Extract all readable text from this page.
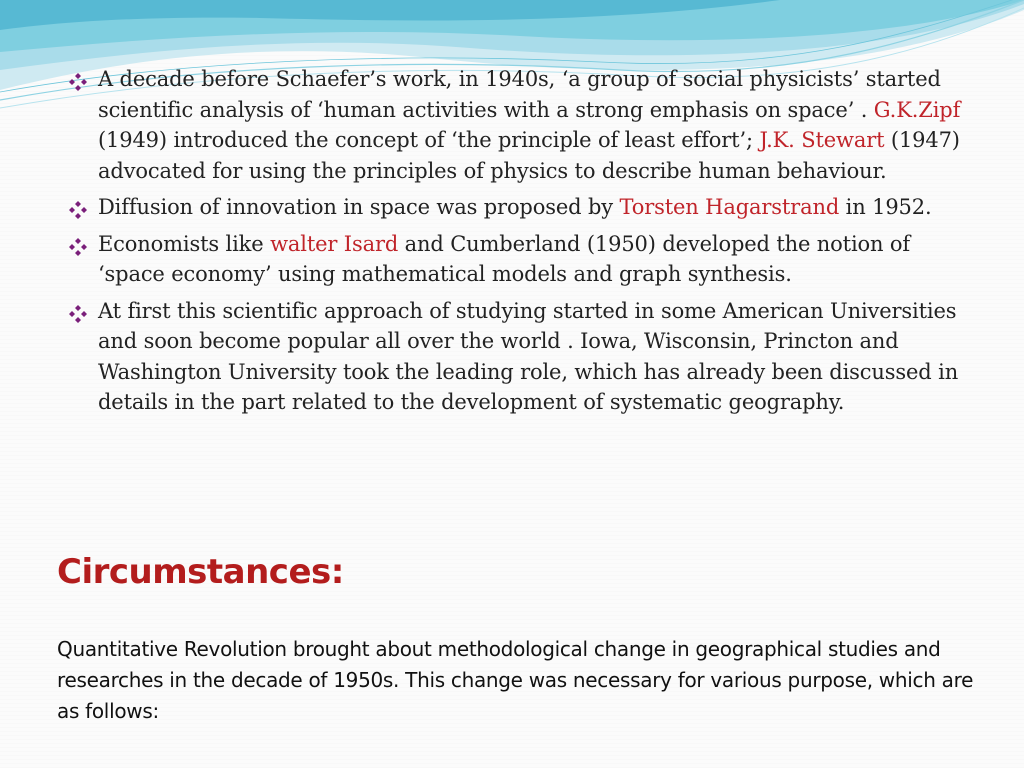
A decade before Schaefer’s work, in 1940s, ‘a group of social physicists’ started scientific analysis of ‘human activities with a strong emphasis on space’ . G.K.Zipf (1949) introduced the concept of ‘the principle of least effort’; J.K. Stewart (1947) advocated for using the principles of physics to describe human behaviour.
Diffusion of innovation in space was proposed by Torsten Hagarstrand in 1952.
Economists like walter Isard and Cumberland (1950) developed the notion of ‘space economy’ using mathematical models and graph synthesis.
At first this scientific approach of studying started in some American Universities and soon become popular all over the world . Iowa, Wisconsin, Princton and Washington University took the leading role, which has already been discussed in details in the part related to the development of systematic geography.
Circumstances:

Quantitative Revolution brought about methodological change in geographical studies and researches in the decade of 1950s. This change was necessary for various purpose, which are as follows:
